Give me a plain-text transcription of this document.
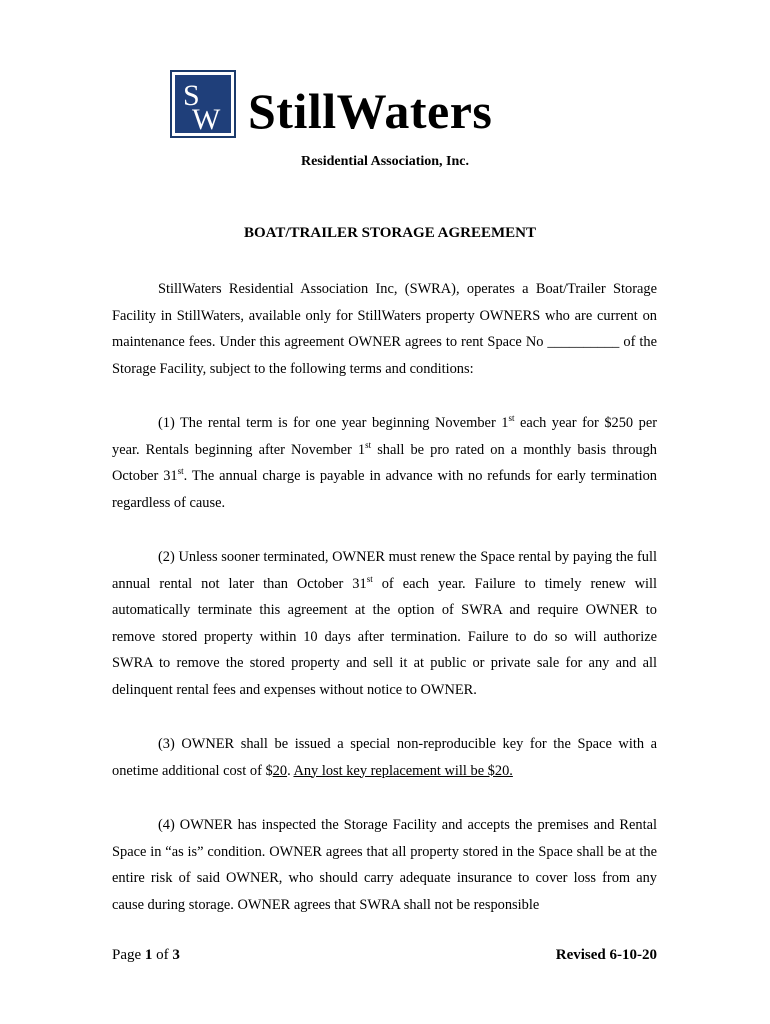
S
W StillWaters
Residential Association, Inc.
BOAT/TRAILER STORAGE AGREEMENT

StillWaters Residential Association Inc, (SWRA), operates a Boat/Trailer Storage Facility in StillWaters, available only for StillWaters property OWNERS who are current on maintenance fees. Under this agreement OWNER agrees to rent Space No __________ of the Storage Facility, subject to the following terms and conditions:

(1) The rental term is for one year beginning November 1st each year for $250 per year. Rentals beginning after November 1st shall be pro rated on a monthly basis through October 31st. The annual charge is payable in advance with no refunds for early termination regardless of cause.

(2) Unless sooner terminated, OWNER must renew the Space rental by paying the full annual rental not later than October 31st of each year. Failure to timely renew will automatically terminate this agreement at the option of SWRA and require OWNER to remove stored property within 10 days after termination. Failure to do so will authorize SWRA to remove the stored property and sell it at public or private sale for any and all delinquent rental fees and expenses without notice to OWNER.

(3) OWNER shall be issued a special non-reproducible key for the Space with a onetime additional cost of $20. Any lost key replacement will be $20.

(4) OWNER has inspected the Storage Facility and accepts the premises and Rental Space in “as is” condition. OWNER agrees that all property stored in the Space shall be at the entire risk of said OWNER, who should carry adequate insurance to cover loss from any cause during storage. OWNER agrees that SWRA shall not be responsible

Page 1 of 3	Revised 6-10-20
